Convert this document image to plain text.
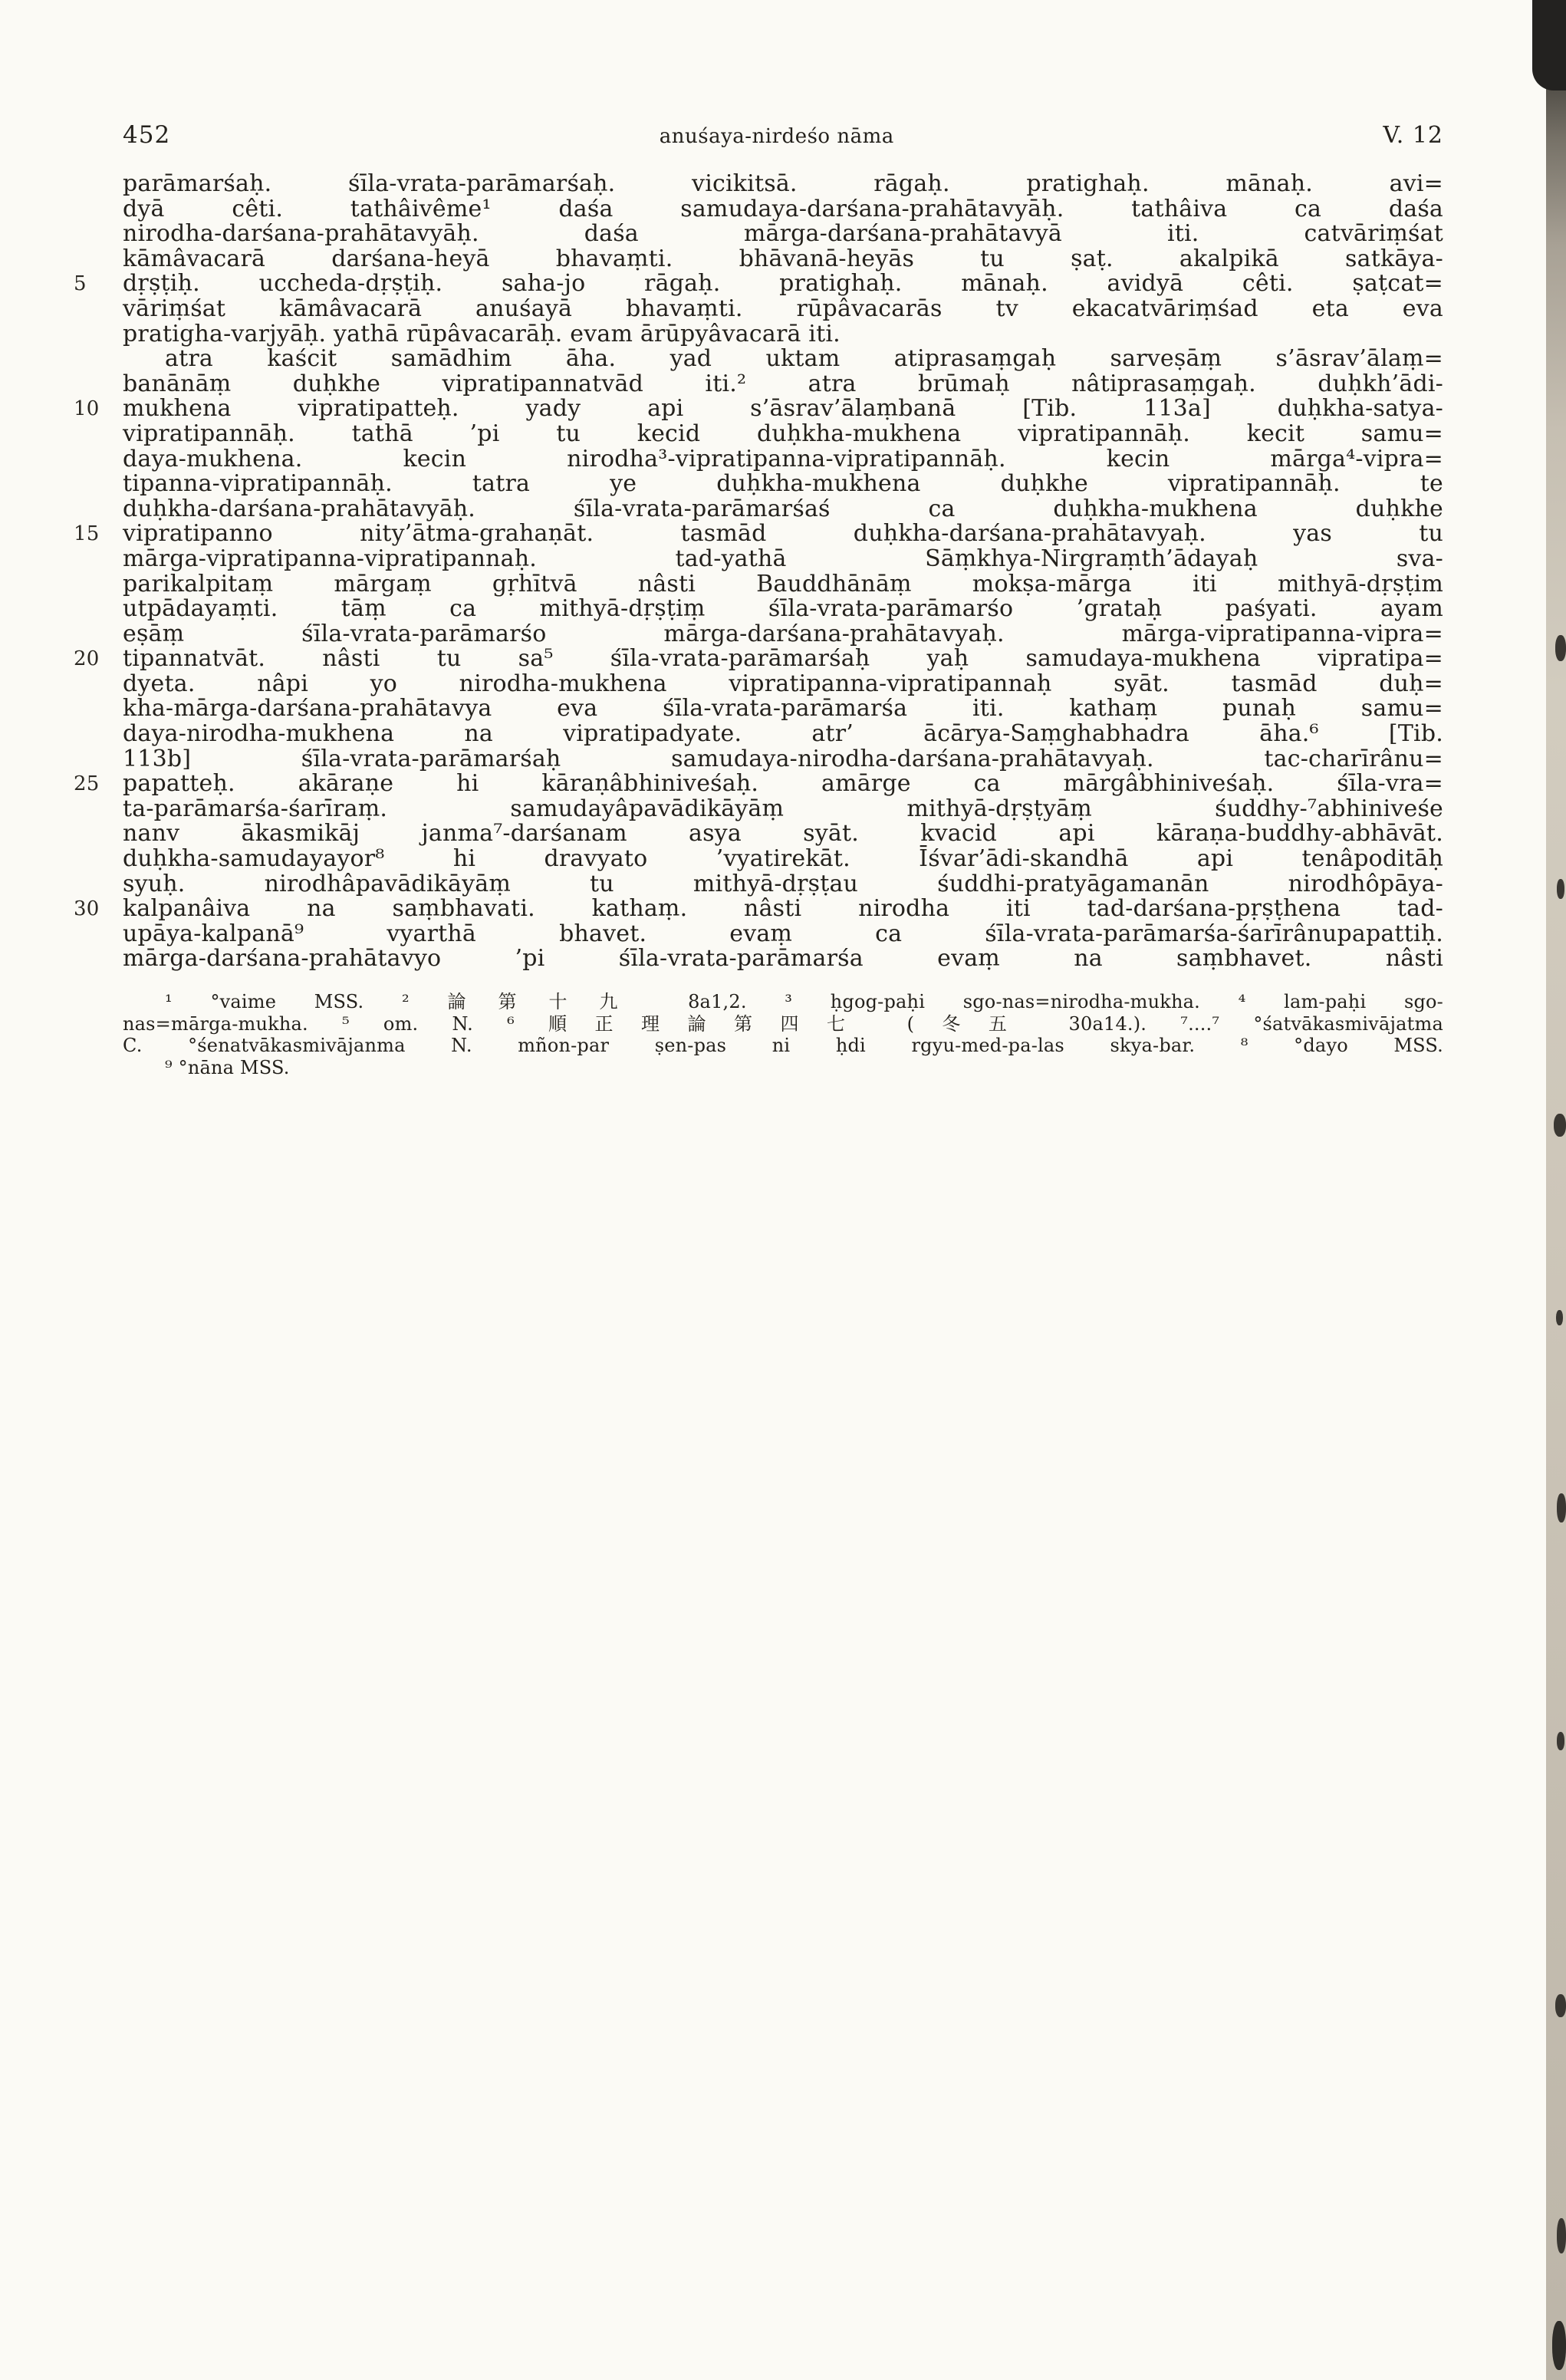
452	anuśaya-nirdeśo nāma	V. 12
parāmarśaḥ. śīla-vrata-parāmarśaḥ. vicikitsā. rāgaḥ. pratighaḥ. mānaḥ. avi=
dyā cêti. tathâivême¹ daśa samudaya-darśana-prahātavyāḥ. tathâiva ca daśa
nirodha-darśana-prahātavyāḥ. daśa mārga-darśana-prahātavyā iti. catvāriṃśat
kāmâvacarā darśana-heyā bhavaṃti. bhāvanā-heyās tu ṣaṭ. akalpikā satkāya-
5	dṛṣṭiḥ. uccheda-dṛṣṭiḥ. saha-jo rāgaḥ. pratighaḥ. mānaḥ. avidyā cêti. ṣaṭcat=
vāriṃśat kāmâvacarā anuśayā bhavaṃti. rūpâvacarās tv ekacatvāriṃśad eta eva
pratigha-varjyāḥ. yathā rūpâvacarāḥ. evam ārūpyâvacarā iti.
atra kaścit samādhim āha. yad uktam atiprasaṃgaḥ sarveṣāṃ s’āsrav’ālaṃ=
banānāṃ duḥkhe vipratipannatvād iti.² atra brūmaḥ nâtiprasaṃgaḥ. duḥkh’ādi-
10	mukhena vipratipatteḥ. yady api s’āsrav’ālaṃbanā [Tib. 113a] duḥkha-satya-
vipratipannāḥ. tathā ’pi tu kecid duḥkha-mukhena vipratipannāḥ. kecit samu=
daya-mukhena. kecin nirodha³-vipratipanna-vipratipannāḥ. kecin mārga⁴-vipra=
tipanna-vipratipannāḥ. tatra ye duḥkha-mukhena duḥkhe vipratipannāḥ. te
duḥkha-darśana-prahātavyāḥ. śīla-vrata-parāmarśaś ca duḥkha-mukhena duḥkhe
15	vipratipanno nity’ātma-grahaṇāt. tasmād duḥkha-darśana-prahātavyaḥ. yas tu
mārga-vipratipanna-vipratipannaḥ. tad-yathā Sāṃkhya-Nirgraṃth’ādayaḥ sva-
parikalpitaṃ mārgaṃ gṛhītvā nâsti Bauddhānāṃ mokṣa-mārga iti mithyā-dṛṣṭim
utpādayaṃti. tāṃ ca mithyā-dṛṣṭiṃ śīla-vrata-parāmarśo ’grataḥ paśyati. ayam
eṣāṃ śīla-vrata-parāmarśo mārga-darśana-prahātavyaḥ. mārga-vipratipanna-vipra=
20	tipannatvāt. nâsti tu sa⁵ śīla-vrata-parāmarśaḥ yaḥ samudaya-mukhena vipratipa=
dyeta. nâpi yo nirodha-mukhena vipratipanna-vipratipannaḥ syāt. tasmād duḥ=
kha-mārga-darśana-prahātavya eva śīla-vrata-parāmarśa iti. kathaṃ punaḥ samu=
daya-nirodha-mukhena na vipratipadyate. atr’ ācārya-Saṃghabhadra āha.⁶ [Tib.
113b] śīla-vrata-parāmarśaḥ samudaya-nirodha-darśana-prahātavyaḥ. tac-charīrânu=
25	papatteḥ. akāraṇe hi kāraṇâbhiniveśaḥ. amārge ca mārgâbhiniveśaḥ. śīla-vra=
ta-parāmarśa-śarīraṃ. samudayâpavādikāyāṃ mithyā-dṛṣṭyāṃ śuddhy-⁷abhiniveśe
nanv ākasmikāj janma⁷-darśanam asya syāt. kvacid api kāraṇa-buddhy-abhāvāt.
duḥkha-samudayayor⁸ hi dravyato ’vyatirekāt. Īśvar’ādi-skandhā api tenâpoditāḥ
syuḥ. nirodhâpavādikāyāṃ tu mithyā-dṛṣṭau śuddhi-pratyāgamanān nirodhôpāya-
30	kalpanâiva na saṃbhavati. kathaṃ. nâsti nirodha iti tad-darśana-pṛṣṭhena tad-
upāya-kalpanā⁹ vyarthā bhavet. evaṃ ca śīla-vrata-parāmarśa-śarīrânupapattiḥ.
mārga-darśana-prahātavyo ’pi śīla-vrata-parāmarśa evaṃ na saṃbhavet. nâsti
¹ °vaime MSS. ² 論第十九 8a1,2. ³ ḥgog-paḥi sgo-nas=nirodha-mukha. ⁴ lam-paḥi sgo-
nas=mārga-mukha. ⁵ om. N. ⁶ 順正理論第四七 (冬五 30a14.). ⁷....⁷ °śatvākasmivājatma
C. °śenatvākasmivājanma N. mñon-par ṣen-pas ni ḥdi rgyu-med-pa-las skya-bar. ⁸ °dayo MSS.
⁹ °nāna MSS.
